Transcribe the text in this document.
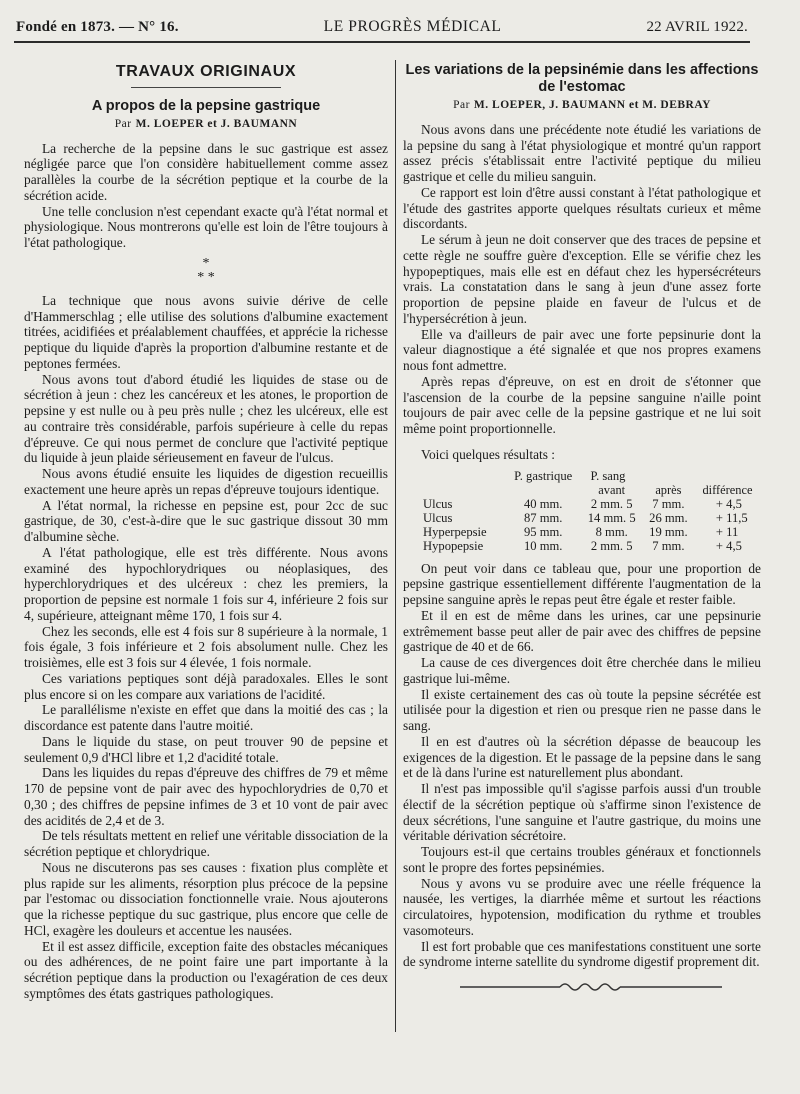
Fondé en 1873. — N° 16.	LE PROGRÈS MÉDICAL	22 AVRIL 1922.
TRAVAUX ORIGINAUX
A propos de la pepsine gastrique
Par M. LOEPER et J. BAUMANN

La recherche de la pepsine dans le suc gastrique est assez négligée parce que l'on considère habituellement comme assez parallèles la courbe de la sécrétion peptique et la courbe de la sécrétion acide.

Une telle conclusion n'est cependant exacte qu'à l'état normal et physiologique. Nous montrerons qu'elle est loin de l'être toujours à l'état pathologique.

*
* *

La technique que nous avons suivie dérive de celle d'Hammerschlag ; elle utilise des solutions d'albumine exactement titrées, acidifiées et préalablement chauffées, et apprécie la richesse peptique du liquide d'après la proportion d'albumine restante et de peptones fermées.

Nous avons tout d'abord étudié les liquides de stase ou de sécrétion à jeun : chez les cancéreux et les atones, le proportion de pepsine y est nulle ou à peu près nulle ; chez les ulcéreux, elle est au contraire très considérable, parfois supérieure à celle du repas d'épreuve. Ce qui nous permet de conclure que l'activité peptique du liquide à jeun plaide sérieusement en faveur de l'ulcus.

Nous avons étudié ensuite les liquides de digestion recueillis exactement une heure après un repas d'épreuve toujours identique.

A l'état normal, la richesse en pepsine est, pour 2cc de suc gastrique, de 30, c'est-à-dire que le suc gastrique dissout 30 mm d'albumine sèche.

A l'état pathologique, elle est très différente. Nous avons examiné des hypochlorydriques ou néoplasiques, des hyperchlorydriques et des ulcéreux : chez les premiers, la proportion de pepsine est normale 1 fois sur 4, inférieure 2 fois sur 4, supérieure, atteignant même 170, 1 fois sur 4.

Chez les seconds, elle est 4 fois sur 8 supérieure à la normale, 1 fois égale, 3 fois inférieure et 2 fois absolument nulle. Chez les troisièmes, elle est 3 fois sur 4 élevée, 1 fois normale.

Ces variations peptiques sont déjà paradoxales. Elles le sont plus encore si on les compare aux variations de l'acidité.

Le parallélisme n'existe en effet que dans la moitié des cas ; la discordance est patente dans l'autre moitié.

Dans le liquide du stase, on peut trouver 90 de pepsine et seulement 0,9 d'HCl libre et 1,2 d'acidité totale.

Dans les liquides du repas d'épreuve des chiffres de 79 et même 170 de pepsine vont de pair avec des hypochlorydries de 0,70 et 0,30 ; des chiffres de pepsine infimes de 3 et 10 vont de pair avec des acidités de 2,4 et de 3.

De tels résultats mettent en relief une véritable dissociation de la sécrétion peptique et chlorydrique.

Nous ne discuterons pas ses causes : fixation plus complète et plus rapide sur les aliments, résorption plus précoce de la pepsine par l'estomac ou dissociation fonctionnelle vraie. Nous ajouterons que la richesse peptique du suc gastrique, plus encore que celle de HCl, exagère les douleurs et accentue les nausées.

Et il est assez difficile, exception faite des obstacles mécaniques ou des adhérences, de ne point faire une part importante à la sécrétion peptique dans la production ou l'exagération de ces deux symptômes des états gastriques pathologiques.

Les variations de la pepsinémie dans les affections de l'estomac
Par M. LOEPER, J. BAUMANN et M. DEBRAY

Nous avons dans une précédente note étudié les variations de la pepsine du sang à l'état physiologique et montré qu'un rapport assez précis s'établissait entre l'activité peptique du milieu gastrique et celle du milieu sanguin.

Ce rapport est loin d'être aussi constant à l'état pathologique et l'étude des gastrites apporte quelques résultats curieux et même discordants.

Le sérum à jeun ne doit conserver que des traces de pepsine et cette règle ne souffre guère d'exception. Elle se vérifie chez les hypopeptiques, mais elle est en défaut chez les hypersécréteurs vrais. La constatation dans le sang à jeun d'une assez forte proportion de pepsine plaide en faveur de l'ulcus et de l'hypersécrétion à jeun.

Elle va d'ailleurs de pair avec une forte pepsinurie dont la valeur diagnostique a été signalée et que nos propres examens nous font admettre.

Après repas d'épreuve, on est en droit de s'étonner que l'ascension de la courbe de la pepsine sanguine n'aille point toujours de pair avec celle de la pepsine gastrique et ne lui soit même point proportionnelle.

Voici quelques résultats :

	P. gastrique	P. sang		
		avant	après	différence
Ulcus	40 mm.	2 mm. 5	7 mm.	+ 4,5
Ulcus	87 mm.	14 mm. 5	26 mm.	+ 11,5
Hyperpepsie	95 mm.	8 mm.	19 mm.	+ 11
Hypopepsie	10 mm.	2 mm. 5	7 mm.	+ 4,5

On peut voir dans ce tableau que, pour une proportion de pepsine gastrique essentiellement différente l'augmentation de la pepsine sanguine après le repas peut être égale et rester faible.

Et il en est de même dans les urines, car une pepsinurie extrêmement basse peut aller de pair avec des chiffres de pepsine gastrique de 40 et de 66.

La cause de ces divergences doit être cherchée dans le milieu gastrique lui-même.

Il existe certainement des cas où toute la pepsine sécrétée est utilisée pour la digestion et rien ou presque rien ne passe dans le sang.

Il en est d'autres où la sécrétion dépasse de beaucoup les exigences de la digestion. Et le passage de la pepsine dans le sang et de là dans l'urine est naturellement plus abondant.

Il n'est pas impossible qu'il s'agisse parfois aussi d'un trouble électif de la sécrétion peptique où s'affirme sinon l'existence de deux sécrétions, l'une sanguine et l'autre gastrique, du moins une véritable dérivation sécrétoire.

Toujours est-il que certains troubles généraux et fonctionnels sont le propre des fortes pepsinémies.

Nous y avons vu se produire avec une réelle fréquence la nausée, les vertiges, la diarrhée même et surtout les réactions circulatoires, hypotension, modification du rythme et troubles vasomoteurs.

Il est fort probable que ces manifestations constituent une sorte de syndrome interne satellite du syndrome digestif proprement dit.
